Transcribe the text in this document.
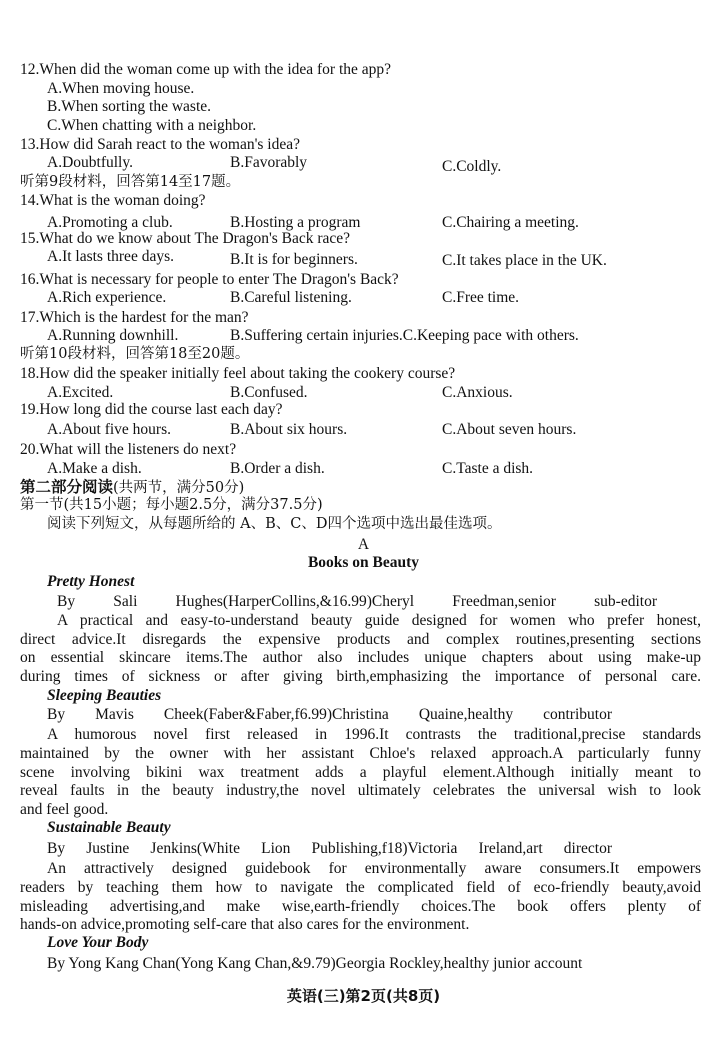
12.When did the woman come up with the idea for the app?
A.When moving house.
B.When sorting the waste.
C.When chatting with a neighbor.
13.How did Sarah react to the woman's idea?
A.Doubtfully.	B.Favorably	C.Coldly.
听第9段材料，回答第14至17题。
14.What is the woman doing?
A.Promoting a club.	B.Hosting a program	C.Chairing a meeting.
15.What do we know about The Dragon's Back race?
A.It lasts three days.	B.It is for beginners.	C.It takes place in the UK.
16.What is necessary for people to enter The Dragon's Back?
A.Rich experience.	B.Careful listening.	C.Free time.
17.Which is the hardest for the man?
A.Running downhill.	B.Suffering certain injuries.C.Keeping pace with others.
听第10段材料，回答第18至20题。
18.How did the speaker initially feel about taking the cookery course?
A.Excited.	B.Confused.	C.Anxious.
19.How long did the course last each day?
A.About five hours.	B.About six hours.	C.About seven hours.
20.What will the listeners do next?
A.Make a dish.	B.Order a dish.	C.Taste a dish.
第二部分阅读(共两节，满分50分)
第一节(共15小题；每小题2.5分，满分37.5分)
阅读下列短文，从每题所给的 A、B、C、D四个选项中选出最佳选项。
A
Books on Beauty
Pretty Honest
By Sali Hughes(HarperCollins,&16.99)Cheryl Freedman,senior sub-editor
A practical and easy-to-understand beauty guide designed for women who prefer honest,
direct advice.It disregards the expensive products and complex routines,presenting sections
on essential skincare items.The author also includes unique chapters about using make-up
during times of sickness or after giving birth,emphasizing the importance of personal care.
Sleeping Beauties
By Mavis Cheek(Faber&Faber,f6.99)Christina Quaine,healthy contributor
A humorous novel first released in 1996.It contrasts the traditional,precise standards
maintained by the owner with her assistant Chloe's relaxed approach.A particularly funny
scene involving bikini wax treatment adds a playful element.Although initially meant to
reveal faults in the beauty industry,the novel ultimately celebrates the universal wish to look
and feel good.
Sustainable Beauty
By Justine Jenkins(White Lion Publishing,f18)Victoria Ireland,art director
An attractively designed guidebook for environmentally aware consumers.It empowers
readers by teaching them how to navigate the complicated field of eco-friendly beauty,avoid
misleading advertising,and make wise,earth-friendly choices.The book offers plenty of
hands-on advice,promoting self-care that also cares for the environment.
Love Your Body
By Yong Kang Chan(Yong Kang Chan,&9.79)Georgia Rockley,healthy junior account
英语(三)第2页(共8页)
